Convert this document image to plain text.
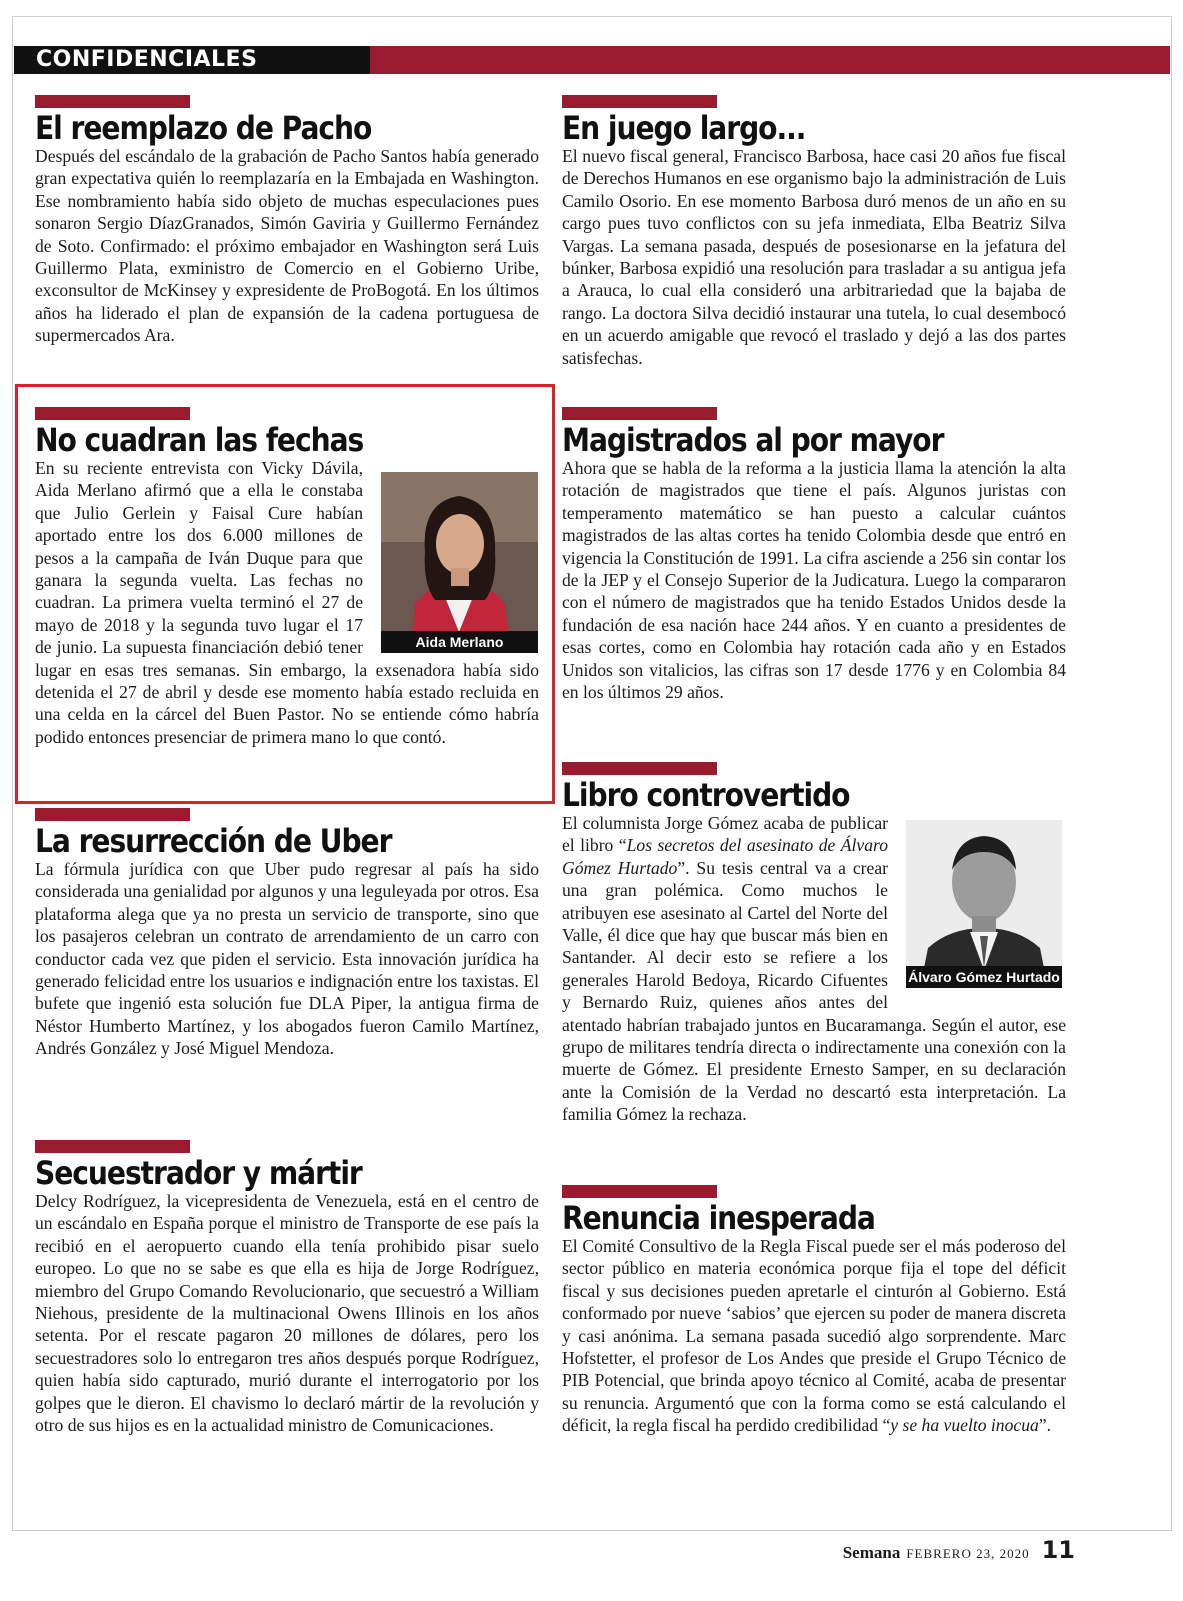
CONFIDENCIALES
El reemplazo de Pacho

Después del escándalo de la grabación de Pacho Santos había generado gran expectativa quién lo reemplazaría en la Embajada en Washington. Ese nombramiento había sido objeto de muchas especulaciones pues sonaron Sergio DíazGranados, Simón Gaviria y Guillermo Fernández de Soto. Confirmado: el próximo embajador en Washington será Luis Guillermo Plata, exministro de Comercio en el Gobierno Uribe, exconsultor de McKinsey y expresidente de ProBogotá. En los últimos años ha liderado el plan de expansión de la cadena portuguesa de supermercados Ara.

No cuadran las fechas
Aida Merlano

En su reciente entrevista con Vicky Dávila, Aida Merlano afirmó que a ella le constaba que Julio Gerlein y Faisal Cure habían aportado entre los dos 6.000 millones de pesos a la campaña de Iván Duque para que ganara la segunda vuelta. Las fechas no cuadran. La primera vuelta terminó el 27 de mayo de 2018 y la segunda tuvo lugar el 17 de junio. La supuesta financiación debió tener lugar en esas tres semanas. Sin embargo, la exsenadora había sido detenida el 27 de abril y desde ese momento había estado recluida en una celda en la cárcel del Buen Pastor. No se entiende cómo habría podido entonces presenciar de primera mano lo que contó.

La resurrección de Uber

La fórmula jurídica con que Uber pudo regresar al país ha sido considerada una genialidad por algunos y una leguleyada por otros. Esa plataforma alega que ya no presta un servicio de transporte, sino que los pasajeros celebran un contrato de arrendamiento de un carro con conductor cada vez que piden el servicio. Esta innovación jurídica ha generado felicidad entre los usuarios e indignación entre los taxistas. El bufete que ingenió esta solución fue DLA Piper, la antigua firma de Néstor Humberto Martínez, y los abogados fueron Camilo Martínez, Andrés González y José Miguel Mendoza.

Secuestrador y mártir

Delcy Rodríguez, la vicepresidenta de Venezuela, está en el centro de un escándalo en España porque el ministro de Transporte de ese país la recibió en el aeropuerto cuando ella tenía prohibido pisar suelo europeo. Lo que no se sabe es que ella es hija de Jorge Rodríguez, miembro del Grupo Comando Revolucionario, que secuestró a William Niehous, presidente de la multinacional Owens Illinois en los años setenta. Por el rescate pagaron 20 millones de dólares, pero los secuestradores solo lo entregaron tres años después porque Rodríguez, quien había sido capturado, murió durante el interrogatorio por los golpes que le dieron. El chavismo lo declaró mártir de la revolución y otro de sus hijos es en la actualidad ministro de Comunicaciones.

En juego largo...

El nuevo fiscal general, Francisco Barbosa, hace casi 20 años fue fiscal de Derechos Humanos en ese organismo bajo la administración de Luis Camilo Osorio. En ese momento Barbosa duró menos de un año en su cargo pues tuvo conflictos con su jefa inmediata, Elba Beatriz Silva Vargas. La semana pasada, después de posesionarse en la jefatura del búnker, Barbosa expidió una resolución para trasladar a su antigua jefa a Arauca, lo cual ella consideró una arbitrariedad que la bajaba de rango. La doctora Silva decidió instaurar una tutela, lo cual desembocó en un acuerdo amigable que revocó el traslado y dejó a las dos partes satisfechas.

Magistrados al por mayor

Ahora que se habla de la reforma a la justicia llama la atención la alta rotación de magistrados que tiene el país. Algunos juristas con temperamento matemático se han puesto a calcular cuántos magistrados de las altas cortes ha tenido Colombia desde que entró en vigencia la Constitución de 1991. La cifra asciende a 256 sin contar los de la JEP y el Consejo Superior de la Judicatura. Luego la compararon con el número de magistrados que ha tenido Estados Unidos desde la fundación de esa nación hace 244 años. Y en cuanto a presidentes de esas cortes, como en Colombia hay rotación cada año y en Estados Unidos son vitalicios, las cifras son 17 desde 1776 y en Colombia 84 en los últimos 29 años.

Libro controvertido
Álvaro Gómez Hurtado

El columnista Jorge Gómez acaba de publicar el libro “Los secretos del asesinato de Álvaro Gómez Hurtado”. Su tesis central va a crear una gran polémica. Como muchos le atribuyen ese asesinato al Cartel del Norte del Valle, él dice que hay que buscar más bien en Santander. Al decir esto se refiere a los generales Harold Bedoya, Ricardo Cifuentes y Bernardo Ruiz, quienes años antes del atentado habrían trabajado juntos en Bucaramanga. Según el autor, ese grupo de militares tendría directa o indirectamente una conexión con la muerte de Gómez. El presidente Ernesto Samper, en su declaración ante la Comisión de la Verdad no descartó esta interpretación. La familia Gómez la rechaza.

Renuncia inesperada

El Comité Consultivo de la Regla Fiscal puede ser el más poderoso del sector público en materia económica porque fija el tope del déficit fiscal y sus decisiones pueden apretarle el cinturón al Gobierno. Está conformado por nueve ‘sabios’ que ejercen su poder de manera discreta y casi anónima. La semana pasada sucedió algo sorprendente. Marc Hofstetter, el profesor de Los Andes que preside el Grupo Técnico de PIB Potencial, que brinda apoyo técnico al Comité, acaba de presentar su renuncia. Argumentó que con la forma como se está calculando el déficit, la regla fiscal ha perdido credibilidad “y se ha vuelto inocua”.

Semana FEBRERO 23, 2020 11
